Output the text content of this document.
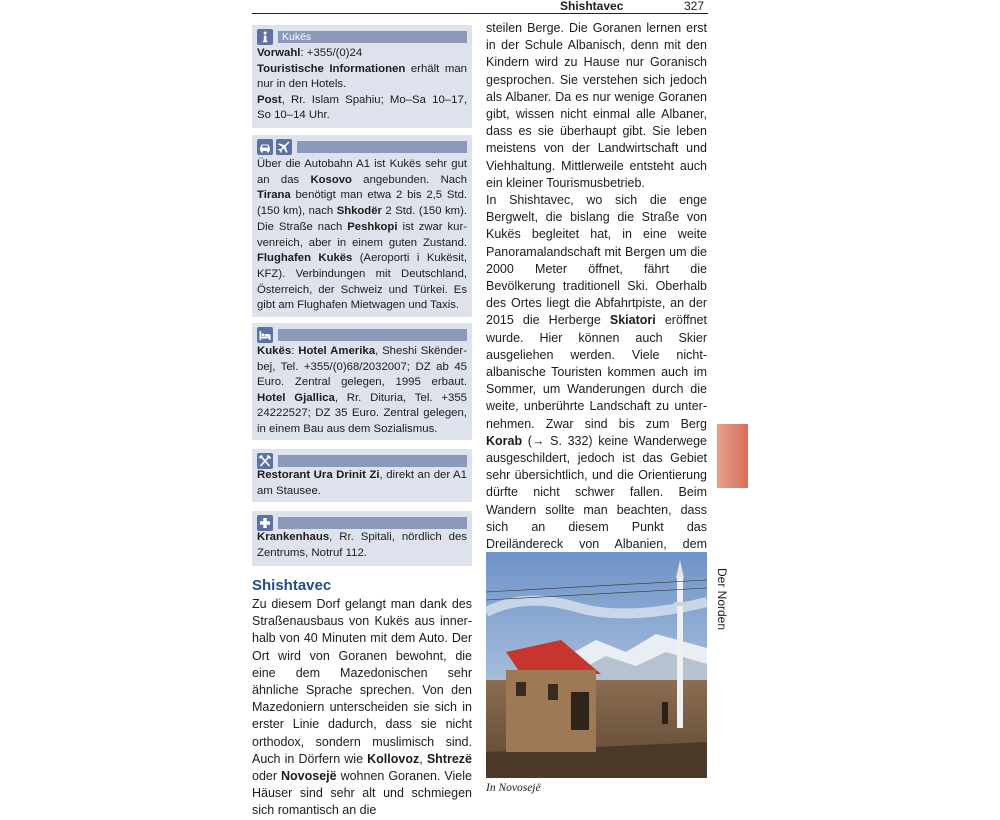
Shishtavec	327
Kukës

Vorwahl: +355/(0)24

Touristische Informationen erhält man nur in den Hotels.

Post, Rr. Islam Spahiu; Mo–Sa 10–17, So 10–14 Uhr.

Über die Autobahn A1 ist Kukës sehr gut an das Kosovo angebunden. Nach Tirana benötigt man etwa 2 bis 2,5 Std. (150 km), nach Shkodër 2 Std. (150 km). Die Straße nach Peshkopi ist zwar kurvenreich, aber in einem guten Zustand. Flughafen Kukës (Aeroporti i Kukësit, KFZ). Verbindungen mit Deutschland, Österreich, der Schweiz und Türkei. Es gibt am Flughafen Mietwagen und Taxis.

Kukës: Hotel Amerika, Sheshi Skënderbej, Tel. +355/(0)68/2032007; DZ ab 45 Euro. Zentral gelegen, 1995 erbaut. Hotel Gjallica, Rr. Dituria, Tel. +355 24222527; DZ 35 Euro. Zentral gelegen, in einem Bau aus dem Sozialismus.

Restorant Ura Drinit Zi, direkt an der A1 am Stausee.

Krankenhaus, Rr. Spitali, nördlich des Zentrums, Notruf 112.

Shishtavec
Zu diesem Dorf gelangt man dank des Straßenausbaus von Kukës aus innerhalb von 40 Minuten mit dem Auto. Der Ort wird von Goranen bewohnt, die eine dem Mazedonischen sehr ähnliche Sprache sprechen. Von den Mazedoniern unterscheiden sie sich in erster Linie dadurch, dass sie nicht orthodox, sondern muslimisch sind. Auch in Dörfern wie Kollovoz, Shtrezë oder Novosejë wohnen Goranen. Viele Häuser sind sehr alt und schmiegen sich romantisch an die

steilen Berge. Die Goranen lernen erst in der Schule Albanisch, denn mit den Kindern wird zu Hause nur Goranisch gesprochen. Sie verstehen sich jedoch als Albaner. Da es nur wenige Goranen gibt, wissen nicht einmal alle Albaner, dass es sie überhaupt gibt. Sie leben meistens von der Landwirtschaft und Viehhaltung. Mittlerweile entsteht auch ein kleiner Tourismusbetrieb.

In Shishtavec, wo sich die enge Bergwelt, die bislang die Straße von Kukës begleitet hat, in eine weite Panoramalandschaft mit Bergen um die 2000 Meter öffnet, fährt die Bevölkerung traditionell Ski. Oberhalb des Ortes liegt die Abfahrtpiste, an der 2015 die Herberge Skiatori eröffnet wurde. Hier können auch Skier ausgeliehen werden. Viele nichtalbanische Touristen kommen auch im Sommer, um Wanderungen durch die weite, unberührte Landschaft zu unternehmen. Zwar sind bis zum Berg Korab (→ S. 332) keine Wanderwege ausgeschildert, jedoch ist das Gebiet sehr übersichtlich, und die Orientierung dürfte nicht schwer fallen. Beim Wandern sollte man beachten, dass sich an diesem Punkt das Dreiländereck von Albanien, dem

In Novosejë
Der Norden
